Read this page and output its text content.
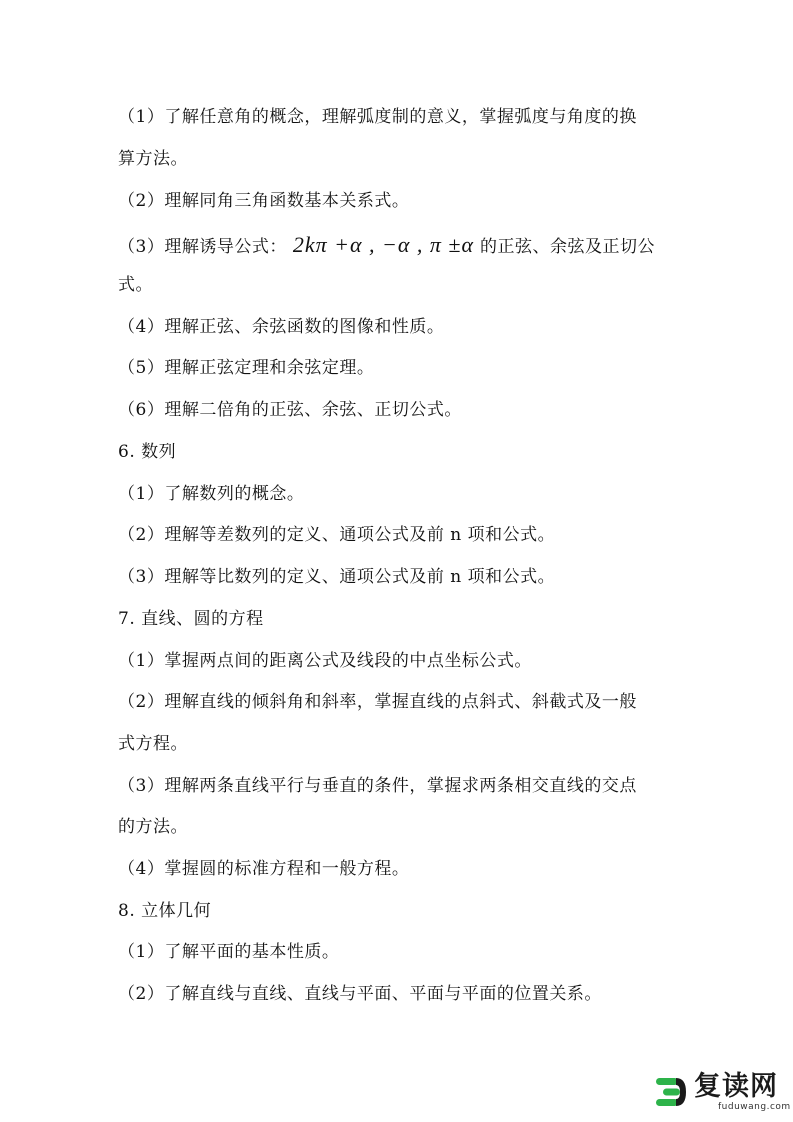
（1）了解任意角的概念，理解弧度制的意义，掌握弧度与角度的换
算方法。
（2）理解同角三角函数基本关系式。
（3）理解诱导公式： 2kπ +α , −α , π ±α 的正弦、余弦及正切公
式。
（4）理解正弦、余弦函数的图像和性质。
（5）理解正弦定理和余弦定理。
（6）理解二倍角的正弦、余弦、正切公式。
6. 数列
（1）了解数列的概念。
（2）理解等差数列的定义、通项公式及前 n 项和公式。
（3）理解等比数列的定义、通项公式及前 n 项和公式。
7. 直线、圆的方程
（1）掌握两点间的距离公式及线段的中点坐标公式。
（2）理解直线的倾斜角和斜率，掌握直线的点斜式、斜截式及一般
式方程。
（3）理解两条直线平行与垂直的条件，掌握求两条相交直线的交点
的方法。
（4）掌握圆的标准方程和一般方程。
8. 立体几何
（1）了解平面的基本性质。
（2）了解直线与直线、直线与平面、平面与平面的位置关系。
复读网
fuduwang.com
